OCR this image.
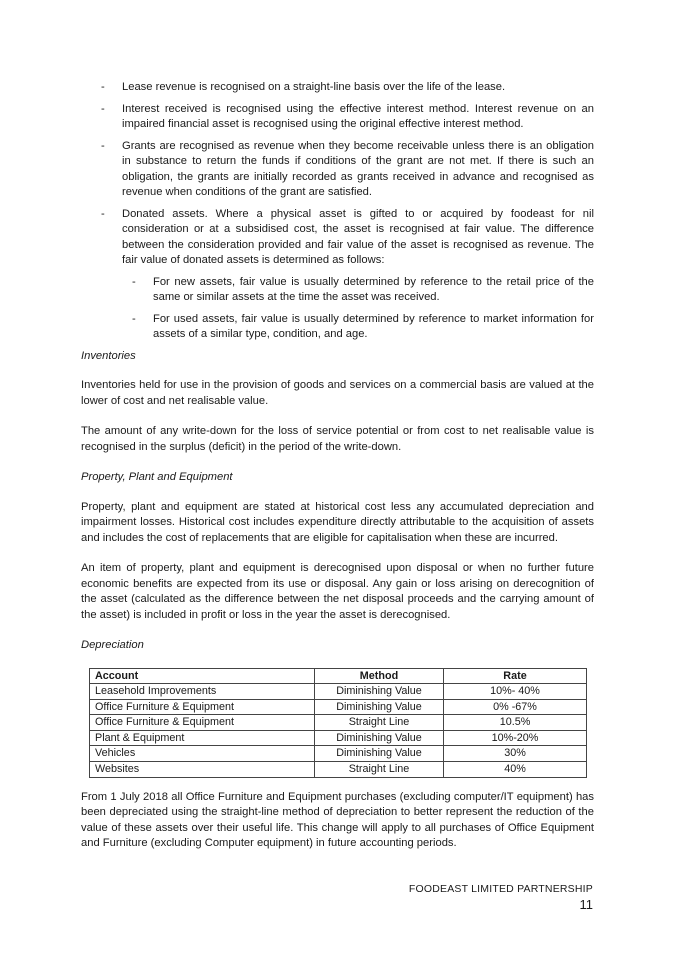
- Lease revenue is recognised on a straight-line basis over the life of the lease.
- Interest received is recognised using the effective interest method. Interest revenue on an impaired financial asset is recognised using the original effective interest method.
- Grants are recognised as revenue when they become receivable unless there is an obligation in substance to return the funds if conditions of the grant are not met. If there is such an obligation, the grants are initially recorded as grants received in advance and recognised as revenue when conditions of the grant are satisfied.
- Donated assets. Where a physical asset is gifted to or acquired by foodeast for nil consideration or at a subsidised cost, the asset is recognised at fair value. The difference between the consideration provided and fair value of the asset is recognised as revenue. The fair value of donated assets is determined as follows:
- For new assets, fair value is usually determined by reference to the retail price of the same or similar assets at the time the asset was received.
- For used assets, fair value is usually determined by reference to market information for assets of a similar type, condition, and age.

Inventories

Inventories held for use in the provision of goods and services on a commercial basis are valued at the lower of cost and net realisable value.

The amount of any write-down for the loss of service potential or from cost to net realisable value is recognised in the surplus (deficit) in the period of the write-down.

Property, Plant and Equipment

Property, plant and equipment are stated at historical cost less any accumulated depreciation and impairment losses. Historical cost includes expenditure directly attributable to the acquisition of assets and includes the cost of replacements that are eligible for capitalisation when these are incurred.

An item of property, plant and equipment is derecognised upon disposal or when no further future economic benefits are expected from its use or disposal. Any gain or loss arising on derecognition of the asset (calculated as the difference between the net disposal proceeds and the carrying amount of the asset) is included in profit or loss in the year the asset is derecognised.

Depreciation

Account	Method	Rate
Leasehold Improvements	Diminishing Value	10%- 40%
Office Furniture & Equipment	Diminishing Value	0% -67%
Office Furniture & Equipment	Straight Line	10.5%
Plant & Equipment	Diminishing Value	10%-20%
Vehicles	Diminishing Value	30%
Websites	Straight Line	40%

From 1 July 2018 all Office Furniture and Equipment purchases (excluding computer/IT equipment) has been depreciated using the straight-line method of depreciation to better represent the reduction of the value of these assets over their useful life. This change will apply to all purchases of Office Equipment and Furniture (excluding Computer equipment) in future accounting periods.

FOODEAST LIMITED PARTNERSHIP
11
